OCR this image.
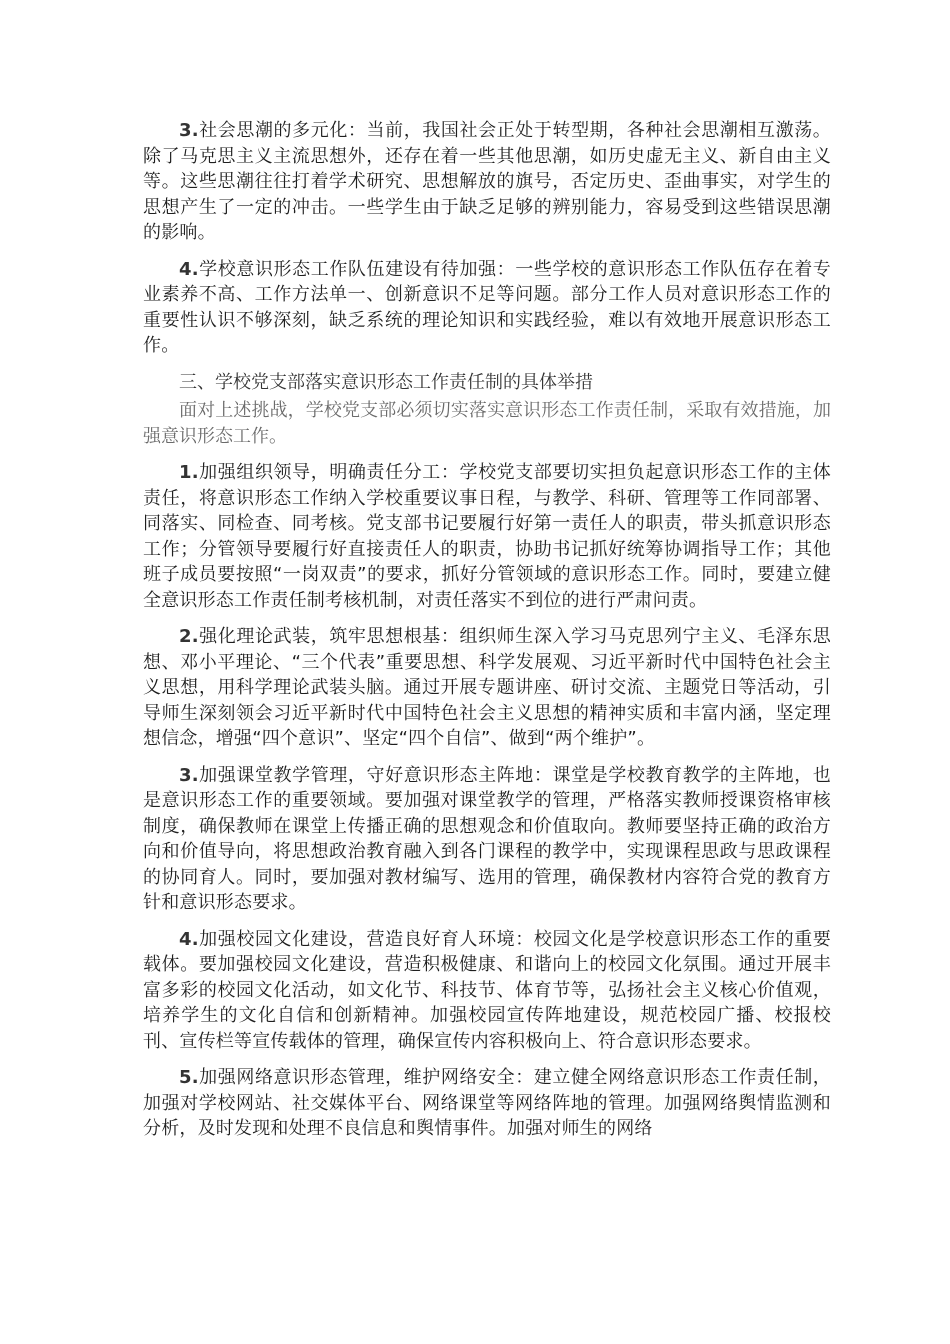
3.社会思潮的多元化：当前，我国社会正处于转型期，各种社会思潮相互激荡。除了马克思主义主流思想外，还存在着一些其他思潮，如历史虚无主义、新自由主义等。这些思潮往往打着学术研究、思想解放的旗号，否定历史、歪曲事实，对学生的思想产生了一定的冲击。一些学生由于缺乏足够的辨别能力，容易受到这些错误思潮的影响。

4.学校意识形态工作队伍建设有待加强：一些学校的意识形态工作队伍存在着专业素养不高、工作方法单一、创新意识不足等问题。部分工作人员对意识形态工作的重要性认识不够深刻，缺乏系统的理论知识和实践经验，难以有效地开展意识形态工作。

三、学校党支部落实意识形态工作责任制的具体举措

面对上述挑战，学校党支部必须切实落实意识形态工作责任制，采取有效措施，加强意识形态工作。

1.加强组织领导，明确责任分工：学校党支部要切实担负起意识形态工作的主体责任，将意识形态工作纳入学校重要议事日程，与教学、科研、管理等工作同部署、同落实、同检查、同考核。党支部书记要履行好第一责任人的职责，带头抓意识形态工作；分管领导要履行好直接责任人的职责，协助书记抓好统筹协调指导工作；其他班子成员要按照“一岗双责”的要求，抓好分管领域的意识形态工作。同时，要建立健全意识形态工作责任制考核机制，对责任落实不到位的进行严肃问责。

2.强化理论武装，筑牢思想根基：组织师生深入学习马克思列宁主义、毛泽东思想、邓小平理论、“三个代表”重要思想、科学发展观、习近平新时代中国特色社会主义思想，用科学理论武装头脑。通过开展专题讲座、研讨交流、主题党日等活动，引导师生深刻领会习近平新时代中国特色社会主义思想的精神实质和丰富内涵，坚定理想信念，增强“四个意识”、坚定“四个自信”、做到“两个维护”。

3.加强课堂教学管理，守好意识形态主阵地：课堂是学校教育教学的主阵地，也是意识形态工作的重要领域。要加强对课堂教学的管理，严格落实教师授课资格审核制度，确保教师在课堂上传播正确的思想观念和价值取向。教师要坚持正确的政治方向和价值导向，将思想政治教育融入到各门课程的教学中，实现课程思政与思政课程的协同育人。同时，要加强对教材编写、选用的管理，确保教材内容符合党的教育方针和意识形态要求。

4.加强校园文化建设，营造良好育人环境：校园文化是学校意识形态工作的重要载体。要加强校园文化建设，营造积极健康、和谐向上的校园文化氛围。通过开展丰富多彩的校园文化活动，如文化节、科技节、体育节等，弘扬社会主义核心价值观，培养学生的文化自信和创新精神。加强校园宣传阵地建设，规范校园广播、校报校刊、宣传栏等宣传载体的管理，确保宣传内容积极向上、符合意识形态要求。

5.加强网络意识形态管理，维护网络安全：建立健全网络意识形态工作责任制，加强对学校网站、社交媒体平台、网络课堂等网络阵地的管理。加强网络舆情监测和分析，及时发现和处理不良信息和舆情事件。加强对师生的网络
